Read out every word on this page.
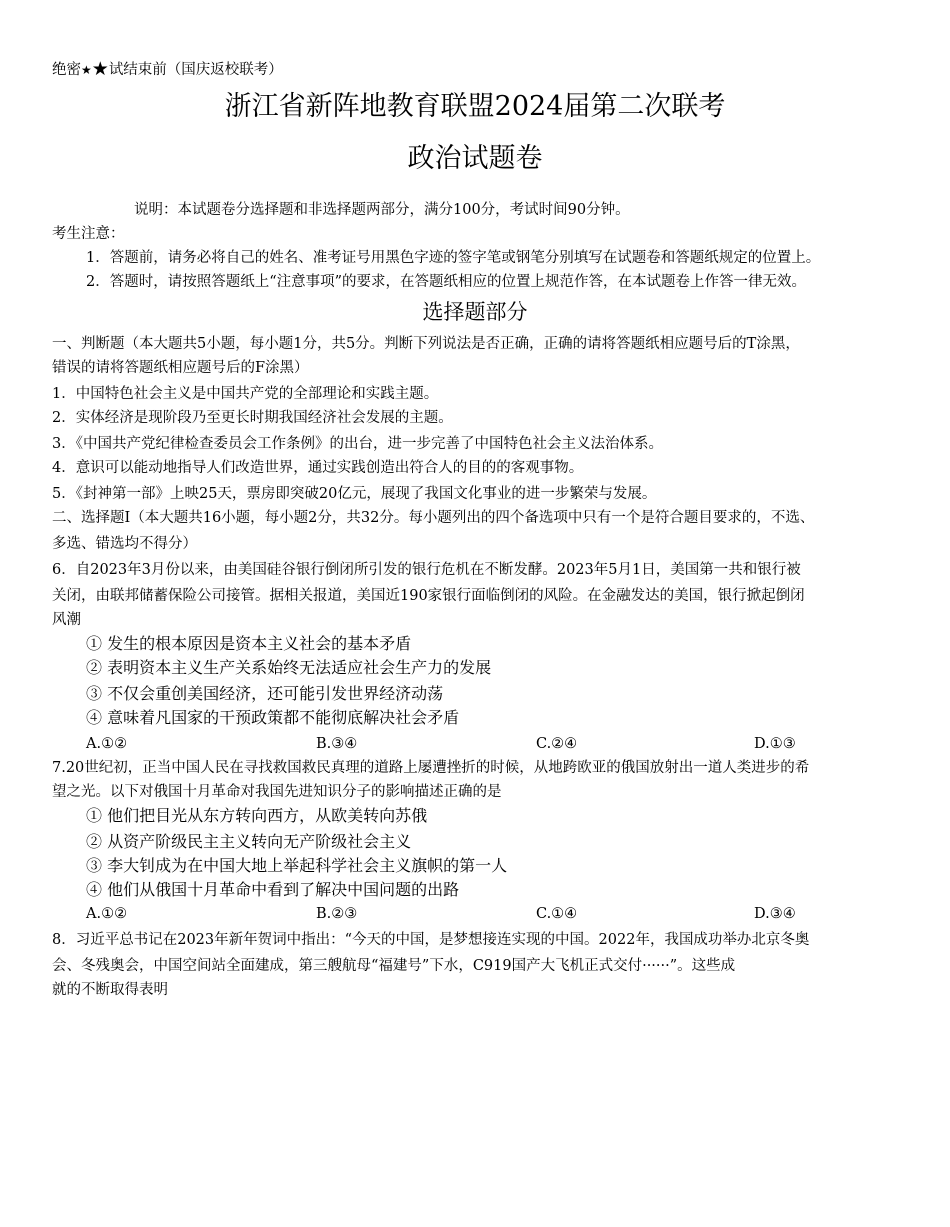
绝密★★试结束前（国庆返校联考）
浙江省新阵地教育联盟2024届第二次联考
政治试题卷
说明：本试题卷分选择题和非选择题两部分，满分100分，考试时间90分钟。
考生注意：
1．答题前，请务必将自己的姓名、准考证号用黑色字迹的签字笔或钢笔分别填写在试题卷和答题纸规定的位置上。
2．答题时，请按照答题纸上“注意事项”的要求，在答题纸相应的位置上规范作答，在本试题卷上作答一律无效。
选择题部分
一、判断题（本大题共5小题，每小题1分，共5分。判断下列说法是否正确，正确的请将答题纸相应题号后的T涂黑，
错误的请将答题纸相应题号后的F涂黑）
1．中国特色社会主义是中国共产党的全部理论和实践主题。
2．实体经济是现阶段乃至更长时期我国经济社会发展的主题。
3．《中国共产党纪律检查委员会工作条例》的出台，进一步完善了中国特色社会主义法治体系。
4．意识可以能动地指导人们改造世界，通过实践创造出符合人的目的的客观事物。
5．《封神第一部》上映25天，票房即突破20亿元，展现了我国文化事业的进一步繁荣与发展。
二、选择题Ⅰ（本大题共16小题，每小题2分，共32分。每小题列出的四个备选项中只有一个是符合题目要求的，不选、
多选、错选均不得分）
6．自2023年3月份以来，由美国硅谷银行倒闭所引发的银行危机在不断发酵。2023年5月1日，美国第一共和银行被
关闭，由联邦储蓄保险公司接管。据相关报道，美国近190家银行面临倒闭的风险。在金融发达的美国，银行掀起倒闭
风潮
① 发生的根本原因是资本主义社会的基本矛盾
② 表明资本主义生产关系始终无法适应社会生产力的发展
③ 不仅会重创美国经济，还可能引发世界经济动荡
④ 意味着凡国家的干预政策都不能彻底解决社会矛盾
A.①②	B.③④	C.②④	D.①③
7.20世纪初，正当中国人民在寻找救国救民真理的道路上屡遭挫折的时候，从地跨欧亚的俄国放射出一道人类进步的希
望之光。以下对俄国十月革命对我国先进知识分子的影响描述正确的是
① 他们把目光从东方转向西方，从欧美转向苏俄
② 从资产阶级民主主义转向无产阶级社会主义
③ 李大钊成为在中国大地上举起科学社会主义旗帜的第一人
④ 他们从俄国十月革命中看到了解决中国问题的出路
A.①②	B.②③	C.①④	D.③④
8．习近平总书记在2023年新年贺词中指出：“今天的中国，是梦想接连实现的中国。2022年，我国成功举办北京冬奥
会、冬残奥会，中国空间站全面建成，第三艘航母“福建号”下水，C919国产大飞机正式交付······”。这些成
就的不断取得表明
